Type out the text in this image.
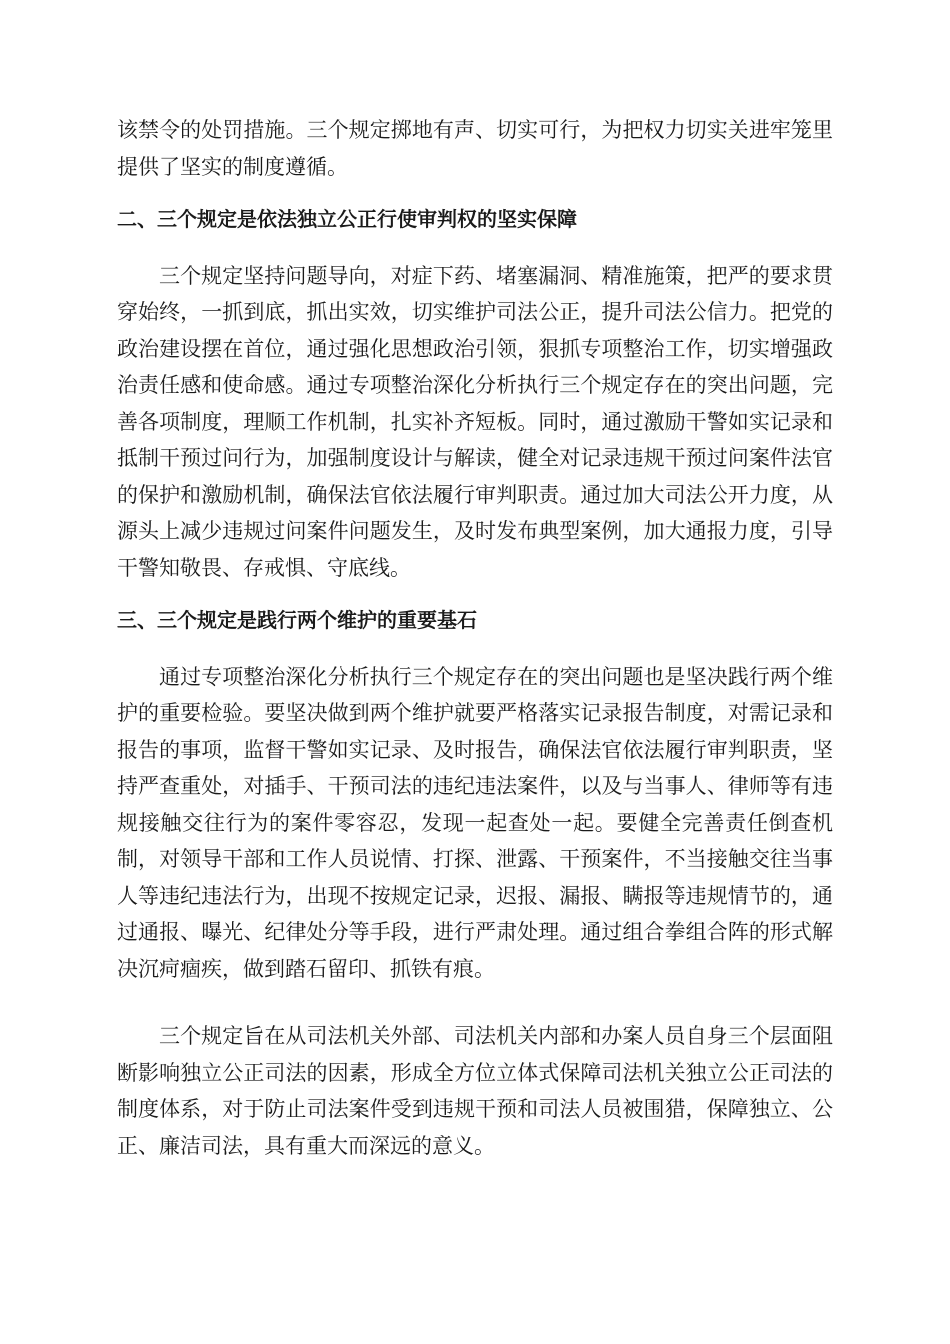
该禁令的处罚措施。三个规定掷地有声、切实可行，为把权力切实关进牢笼里提供了坚实的制度遵循。

二、三个规定是依法独立公正行使审判权的坚实保障

三个规定坚持问题导向，对症下药、堵塞漏洞、精准施策，把严的要求贯穿始终，一抓到底，抓出实效，切实维护司法公正，提升司法公信力。把党的政治建设摆在首位，通过强化思想政治引领，狠抓专项整治工作，切实增强政治责任感和使命感。通过专项整治深化分析执行三个规定存在的突出问题，完善各项制度，理顺工作机制，扎实补齐短板。同时，通过激励干警如实记录和抵制干预过问行为，加强制度设计与解读，健全对记录违规干预过问案件法官的保护和激励机制，确保法官依法履行审判职责。通过加大司法公开力度，从源头上减少违规过问案件问题发生，及时发布典型案例，加大通报力度，引导干警知敬畏、存戒惧、守底线。

三、三个规定是践行两个维护的重要基石

通过专项整治深化分析执行三个规定存在的突出问题也是坚决践行两个维护的重要检验。要坚决做到两个维护就要严格落实记录报告制度，对需记录和报告的事项，监督干警如实记录、及时报告，确保法官依法履行审判职责，坚持严查重处，对插手、干预司法的违纪违法案件，以及与当事人、律师等有违规接触交往行为的案件零容忍，发现一起查处一起。要健全完善责任倒查机制，对领导干部和工作人员说情、打探、泄露、干预案件，不当接触交往当事人等违纪违法行为，出现不按规定记录，迟报、漏报、瞒报等违规情节的，通过通报、曝光、纪律处分等手段，进行严肃处理。通过组合拳组合阵的形式解决沉疴痼疾，做到踏石留印、抓铁有痕。

三个规定旨在从司法机关外部、司法机关内部和办案人员自身三个层面阻断影响独立公正司法的因素，形成全方位立体式保障司法机关独立公正司法的制度体系，对于防止司法案件受到违规干预和司法人员被围猎，保障独立、公正、廉洁司法，具有重大而深远的意义。
